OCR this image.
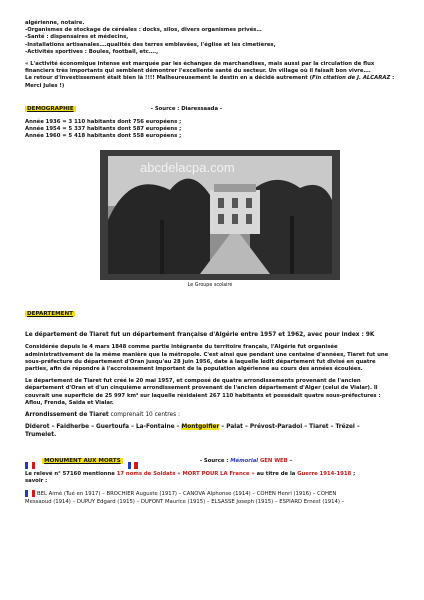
algérienne, notaire.

-Organismes de stockage de céréales : docks, silos, divers organismes privés…

-Santé : dispensaires et médecins,

-Installations artisanales….qualités des terres emblavées, l'église et les cimetières,

-Activités sportives : Boules, football, etc….,

« L'activité économique intense est marquée par les échanges de marchandises, mais aussi par la circulation de flux financiers très importants qui semblent démontrer l'excellente santé du secteur. Un village où il faisait bon vivre….
Le retour d'investissement était bien là !!!! Malheureusement le destin en a décidé autrement (Fin citation de J. ALCARAZ : Merci Jules !)

DEMOGRAPHIE	- Source : Diaressaada -

Année 1936 = 3 110 habitants dont 756 européens ;

Année 1954 = 5 337 habitants dont 587 européens ;

Année 1960 = 5 418 habitants dont 558 européens ;

abcdelacpa.com
Le Groupe scolaire
DEPARTEMENT

Le département de Tiaret fut un département française d'Algérie entre 1957 et 1962, avec pour index : 9K

Considérée depuis le 4 mars 1848 comme partie intégrante du territoire français, l'Algérie fut organisée administrativement de la même manière que la métropole. C'est ainsi que pendant une centaine d'années, Tiaret fut une sous-préfecture du département d'Oran jusqu'au 28 juin 1956, date à laquelle ledit département fut divisé en quatre parties, afin de répondre à l'accroissement important de la population algérienne au cours des années écoulées.

Le département de Tiaret fut créé le 20 mai 1957, et composé de quatre arrondissements provenant de l'ancien département d'Oran et d'un cinquième arrondissement provenant de l'ancien département d'Alger (celui de Vialar). Il couvrait une superficie de 25 997 km² sur laquelle résidaient 267 110 habitants et possédait quatre sous-préfectures : Aflou, Frenda, Saïda et Vialar.

Arrondissement de Tiaret comprenait 10 centres :

Diderot – Faidherbe – Guertoufa – La-Fontaine – Montgolfier – Palat – Prévost-Paradol – Tiaret – Trézel –
Trumelet.

MONUMENT AUX MORTS	- Source : Mémorial GEN WEB –

Le relevé n° 57160 mentionne 17 noms de Soldats « MORT POUR LA France » au titre de la Guerre 1914-1918 ;
savoir :

BEL Aimé (Tué en 1917) – BROCHIER Auguste (1917) – CANOVA Alphonse (1914) – COHEN Henri (1916) – COHEN
Messaoud (1914) – DUPUY Edgard (1915) – DUFONT Maurice (1915) – ELSASSE Joseph (1915) – ESPIARD Ernest (1914) –
